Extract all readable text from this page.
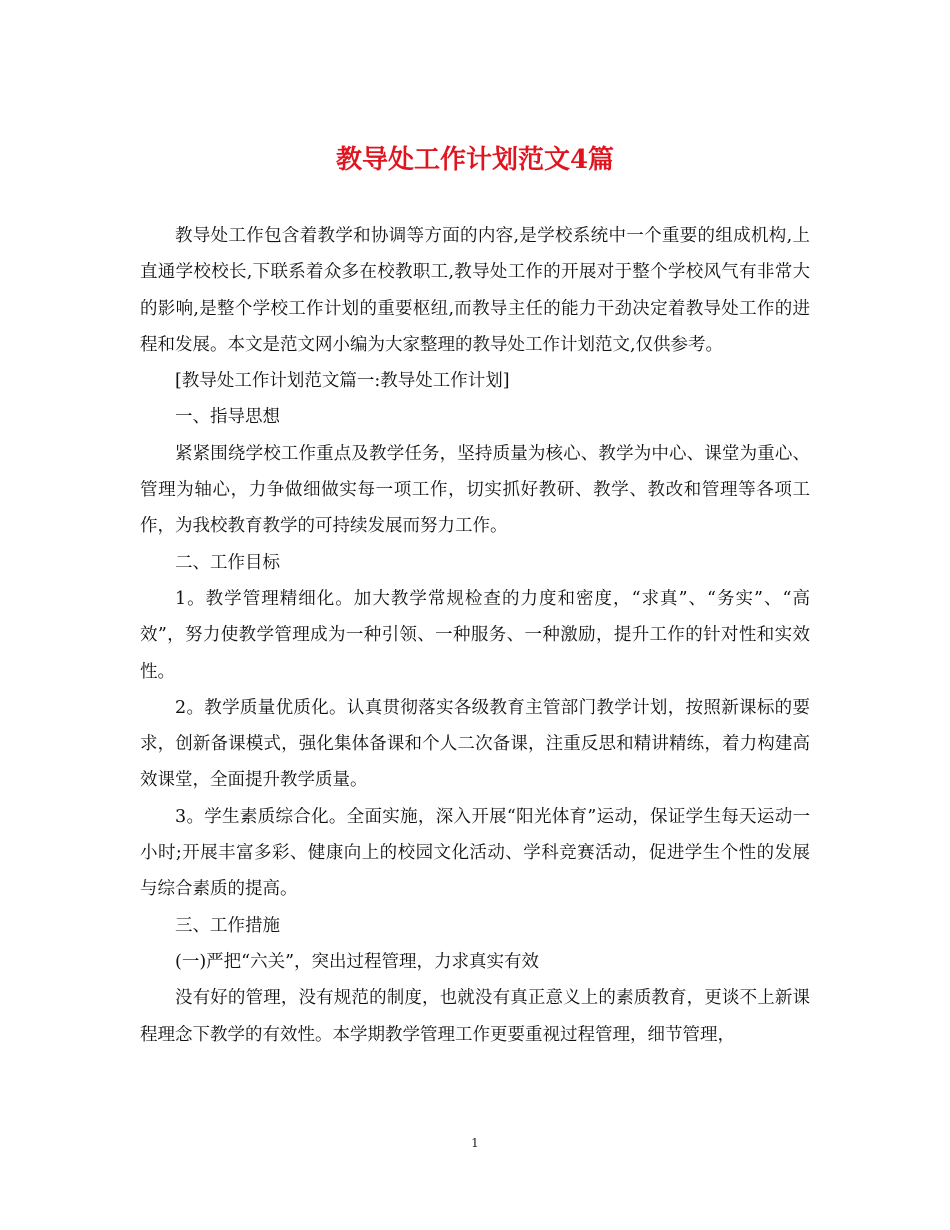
教导处工作计划范文4篇

教导处工作包含着教学和协调等方面的内容,是学校系统中一个重要的组成机构,上直通学校校长,下联系着众多在校教职工,教导处工作的开展对于整个学校风气有非常大的影响,是整个学校工作计划的重要枢纽,而教导主任的能力干劲决定着教导处工作的进程和发展。本文是范文网小编为大家整理的教导处工作计划范文,仅供参考。

[教导处工作计划范文篇一:教导处工作计划]

一、指导思想

紧紧围绕学校工作重点及教学任务，坚持质量为核心、教学为中心、课堂为重心、管理为轴心，力争做细做实每一项工作，切实抓好教研、教学、教改和管理等各项工作，为我校教育教学的可持续发展而努力工作。

二、工作目标

1。教学管理精细化。加大教学常规检查的力度和密度，“求真”、“务实”、“高效”，努力使教学管理成为一种引领、一种服务、一种激励，提升工作的针对性和实效性。

2。教学质量优质化。认真贯彻落实各级教育主管部门教学计划，按照新课标的要求，创新备课模式，强化集体备课和个人二次备课，注重反思和精讲精练，着力构建高效课堂，全面提升教学质量。

3。学生素质综合化。全面实施，深入开展“阳光体育”运动，保证学生每天运动一小时;开展丰富多彩、健康向上的校园文化活动、学科竞赛活动，促进学生个性的发展与综合素质的提高。

三、工作措施

(一)严把“六关”，突出过程管理，力求真实有效

没有好的管理，没有规范的制度，也就没有真正意义上的素质教育，更谈不上新课程理念下教学的有效性。本学期教学管理工作更要重视过程管理，细节管理，

1
